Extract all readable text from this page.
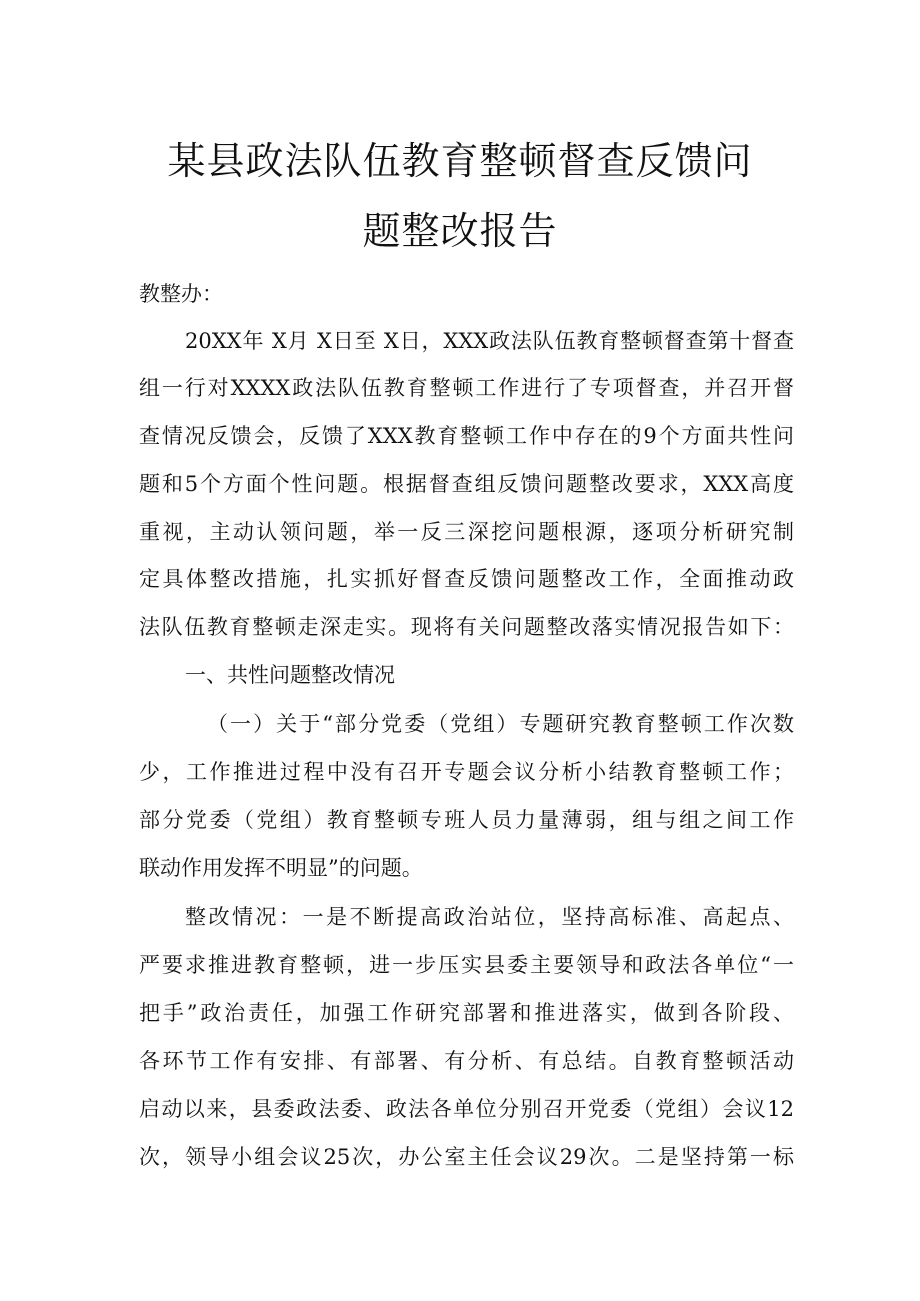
某县政法队伍教育整顿督查反馈问
题整改报告
教整办：
20XX年 X月 X日至 X日，XXX政法队伍教育整顿督查第十督查
组一行对XXXX政法队伍教育整顿工作进行了专项督查，并召开督
查情况反馈会，反馈了XXX教育整顿工作中存在的9个方面共性问
题和5个方面个性问题。根据督查组反馈问题整改要求，XXX高度
重视，主动认领问题，举一反三深挖问题根源，逐项分析研究制
定具体整改措施，扎实抓好督查反馈问题整改工作，全面推动政
法队伍教育整顿走深走实。现将有关问题整改落实情况报告如下：
一、共性问题整改情况
（一）关于“部分党委（党组）专题研究教育整顿工作次数
少，工作推进过程中没有召开专题会议分析小结教育整顿工作；
部分党委（党组）教育整顿专班人员力量薄弱，组与组之间工作
联动作用发挥不明显”的问题。
整改情况：一是不断提高政治站位，坚持高标准、高起点、
严要求推进教育整顿，进一步压实县委主要领导和政法各单位“一
把手”政治责任，加强工作研究部署和推进落实，做到各阶段、
各环节工作有安排、有部署、有分析、有总结。自教育整顿活动
启动以来，县委政法委、政法各单位分别召开党委（党组）会议12
次，领导小组会议25次，办公室主任会议29次。二是坚持第一标
